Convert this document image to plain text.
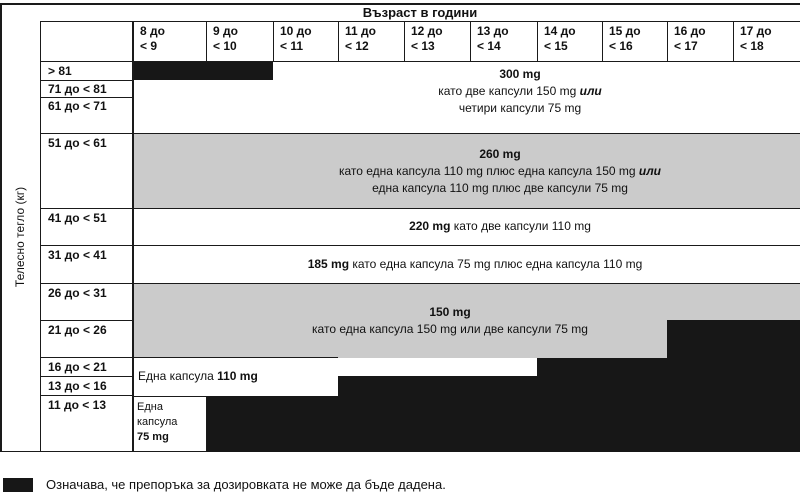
Възраст в години
Телесно тегло (кг)
8 до
< 9
9 до
< 10
10 до
< 11
11 до
< 12
12 до
< 13
13 до
< 14
14 до
< 15
15 до
< 16
16 до
< 17
17 до
< 18
> 81
71 до < 81
61 до < 71
51 до < 61
41 до < 51
31 до < 41
26 до < 31
21 до < 26
16 до < 21
13 до < 16
11 до < 13
300 mg
като две капсули 150 mg или
четири капсули 75 mg
260 mg
като една капсула 110 mg плюс една капсула 150 mg или
една капсула 110 mg плюс две капсули 75 mg
220 mg като две капсули 110 mg
185 mg като една капсула 75 mg плюс една капсула 110 mg
150 mg
като една капсула 150 mg или две капсули 75 mg
Една капсула 110 mg
Една
капсула
75 mg
Означава, че препоръка за дозировката не може да бъде дадена.
